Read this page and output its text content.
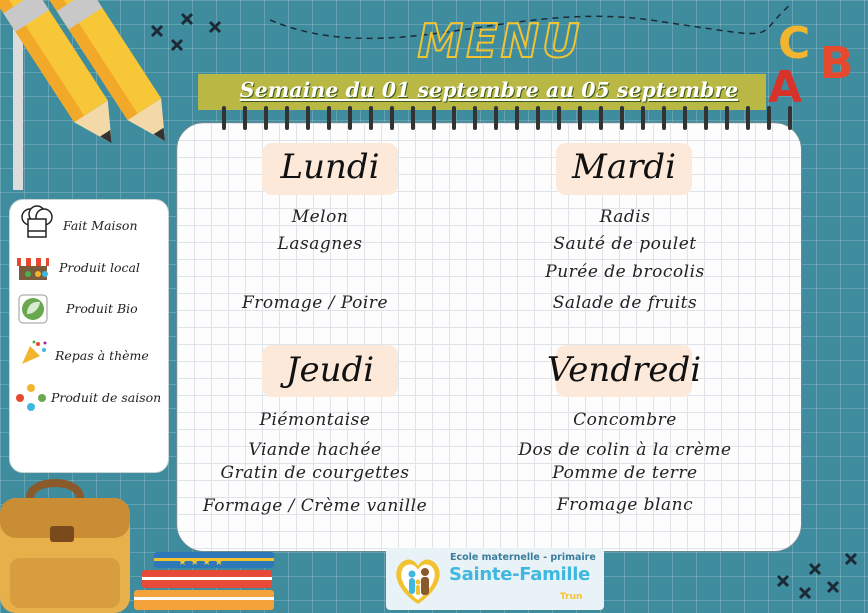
MENU
Semaine du 01 septembre au 05 septembre
C B
A
Lundi
Melon
Lasagnes
Fromage / Poire
Mardi
Radis
Sauté de poulet
Purée de brocolis
Salade de fruits
Jeudi
Piémontaise
Viande hachée
Gratin de courgettes
Formage / Crème vanille
Vendredi
Concombre
Dos de colin à la crème
Pomme de terre
Fromage blanc
Fait Maison
Produit local
Produit Bio
Repas à thème
Produit de saison
★ ★ ★ ★	Ecole maternelle - primaire
Sainte-Famille
Trun
